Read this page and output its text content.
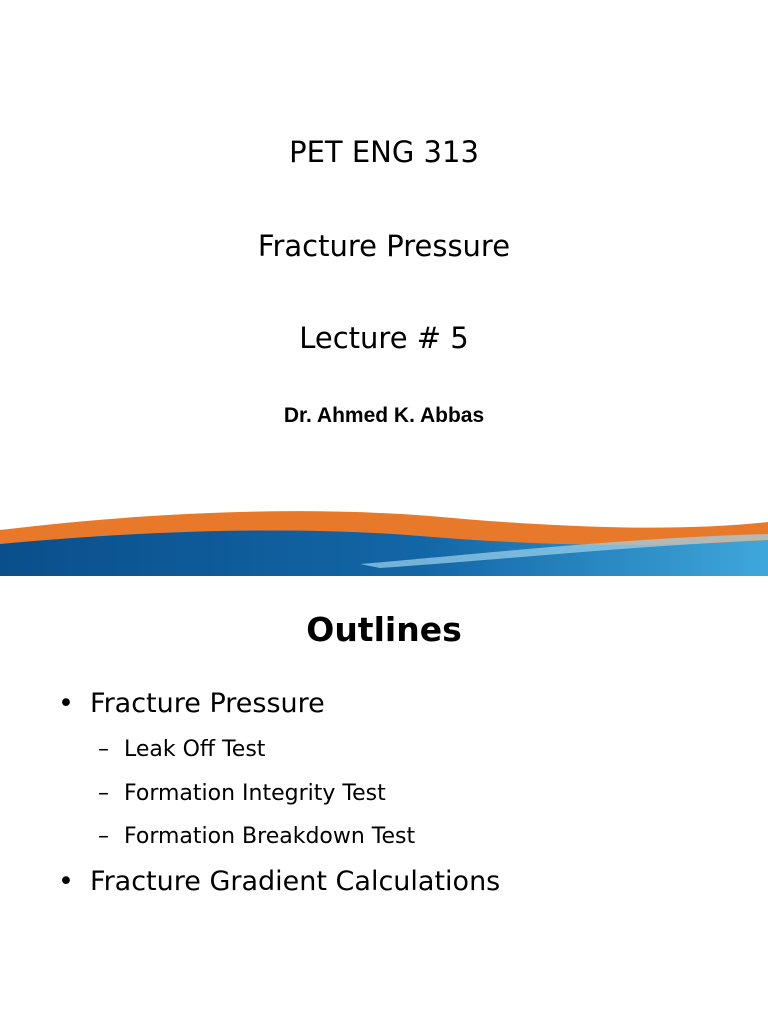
PET ENG 313
Fracture Pressure
Lecture # 5
Dr. Ahmed K. Abbas
Outlines
• Fracture Pressure
– Leak Off Test
– Formation Integrity Test
– Formation Breakdown Test
• Fracture Gradient Calculations
